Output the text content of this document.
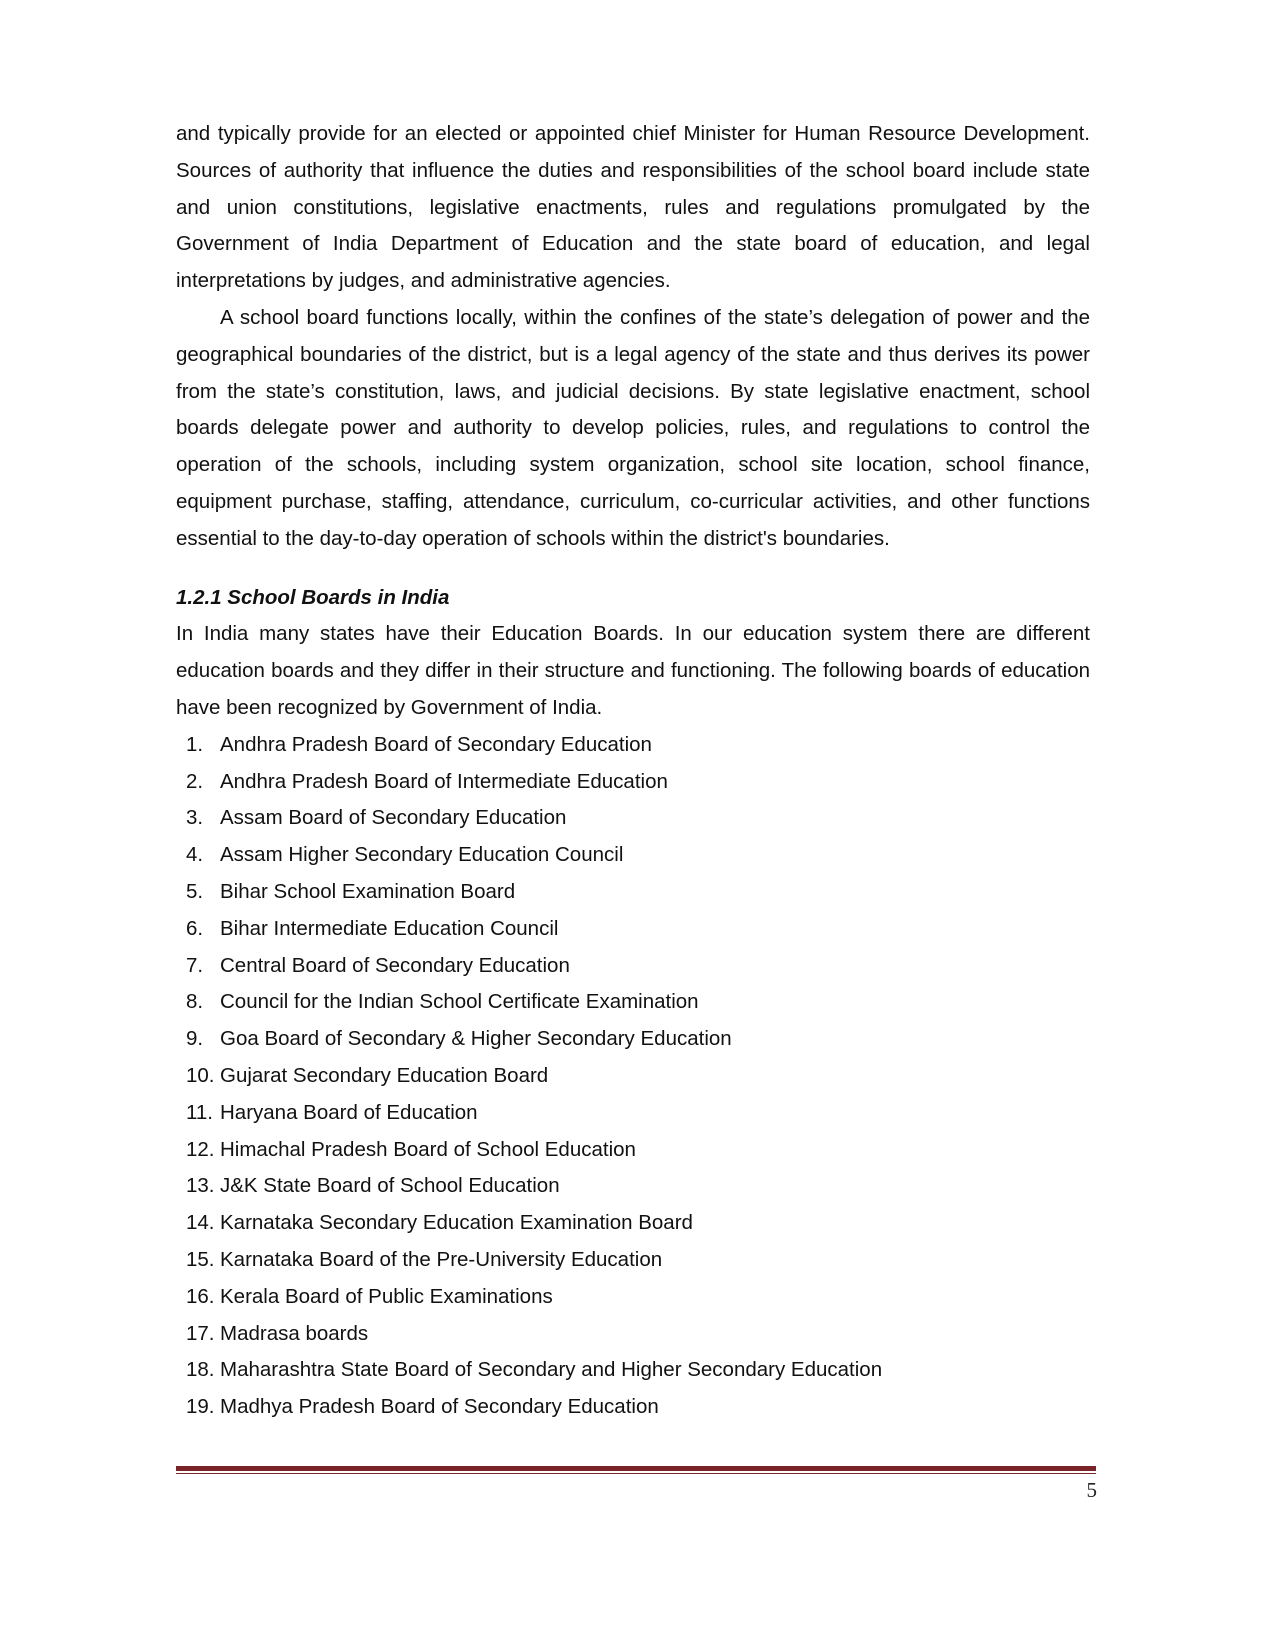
and typically provide for an elected or appointed chief Minister for Human Resource Development. Sources of authority that influence the duties and responsibilities of the school board include state and union constitutions, legislative enactments, rules and regulations promulgated by the Government of India Department of Education and the state board of education, and legal interpretations by judges, and administrative agencies.

A school board functions locally, within the confines of the state’s delegation of power and the geographical boundaries of the district, but is a legal agency of the state and thus derives its power from the state’s constitution, laws, and judicial decisions. By state legislative enactment, school boards delegate power and authority to develop policies, rules, and regulations to control the operation of the schools, including system organization, school site location, school finance, equipment purchase, staffing, attendance, curriculum, co-curricular activities, and other functions essential to the day-to-day operation of schools within the district's boundaries.

1.2.1 School Boards in India

In India many states have their Education Boards. In our education system there are different education boards and they differ in their structure and functioning. The following boards of education have been recognized by Government of India.

1. Andhra Pradesh Board of Secondary Education
2. Andhra Pradesh Board of Intermediate Education
3. Assam Board of Secondary Education
4. Assam Higher Secondary Education Council
5. Bihar School Examination Board
6. Bihar Intermediate Education Council
7. Central Board of Secondary Education
8. Council for the Indian School Certificate Examination
9. Goa Board of Secondary & Higher Secondary Education
10. Gujarat Secondary Education Board
11. Haryana Board of Education
12. Himachal Pradesh Board of School Education
13. J&K State Board of School Education
14. Karnataka Secondary Education Examination Board
15. Karnataka Board of the Pre-University Education
16. Kerala Board of Public Examinations
17. Madrasa boards
18. Maharashtra State Board of Secondary and Higher Secondary Education
19. Madhya Pradesh Board of Secondary Education
5
